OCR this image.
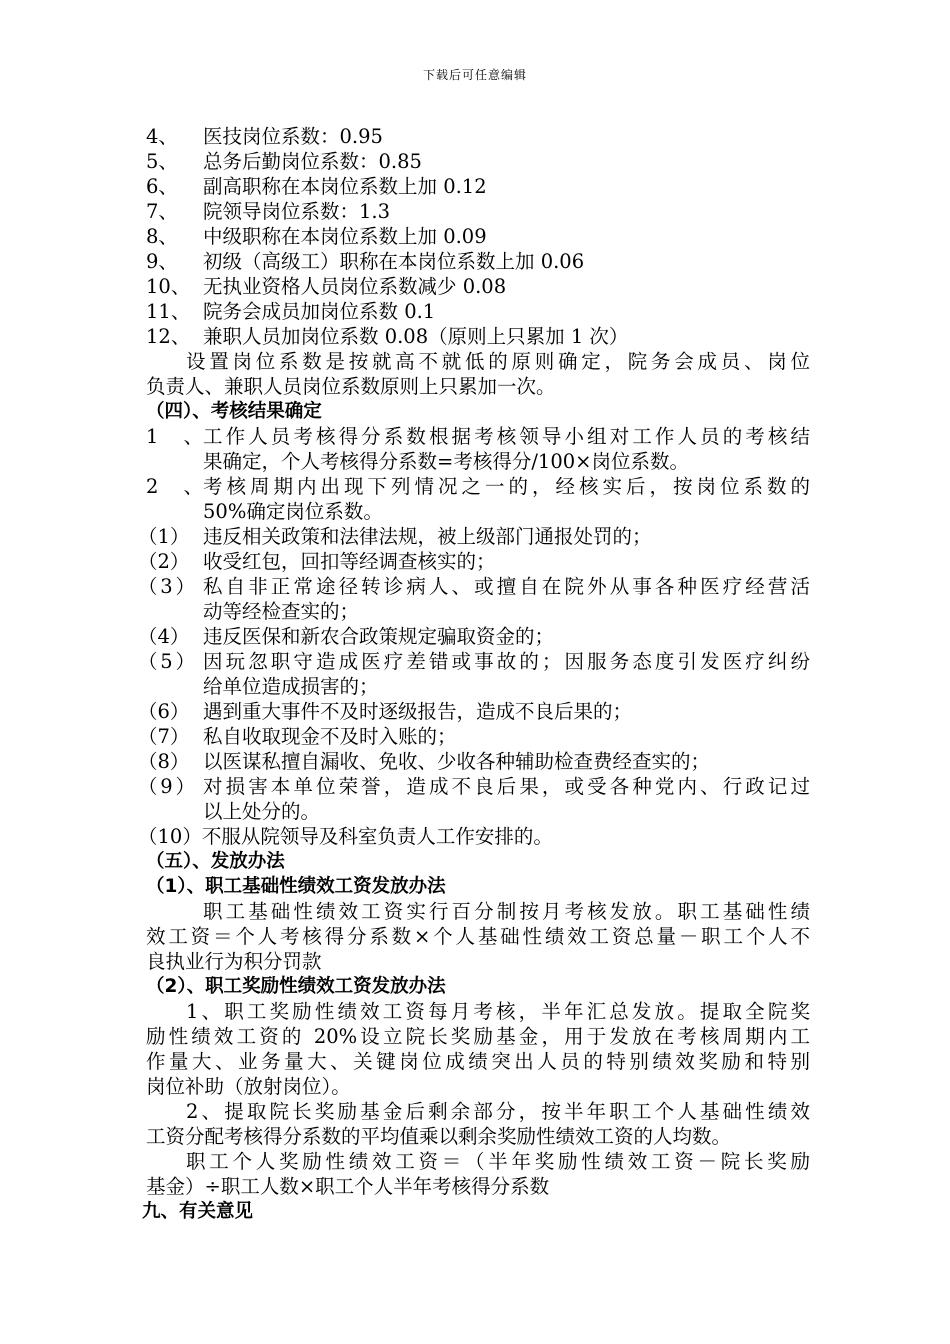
下载后可任意编辑
4、	医技岗位系数：0.95
5、	总务后勤岗位系数：0.85
6、	副高职称在本岗位系数上加 0.12
7、	院领导岗位系数：1.3
8、	中级职称在本岗位系数上加 0.09
9、	初级（高级工）职称在本岗位系数上加 0.06
10、 无执业资格人员岗位系数减少 0.08
11、 院务会成员加岗位系数 0.1
12、 兼职人员加岗位系数 0.08（原则上只累加 1 次）
设置岗位系数是按就高不就低的原则确定，院务会成员、岗位
负责人、兼职人员岗位系数原则上只累加一次。
（四）、考核结果确定
1、 工作人员考核得分系数根据考核领导小组对工作人员的考核结
果确定，个人考核得分系数=考核得分/100×岗位系数。
2、 考核周期内出现下列情况之一的，经核实后，按岗位系数的
50%确定岗位系数。
（1） 违反相关政策和法律法规，被上级部门通报处罚的；
（2） 收受红包，回扣等经调查核实的；
（3） 私自非正常途径转诊病人、或擅自在院外从事各种医疗经营活
动等经检查实的；
（4） 违反医保和新农合政策规定骗取资金的；
（5） 因玩忽职守造成医疗差错或事故的；因服务态度引发医疗纠纷
给单位造成损害的；
（6） 遇到重大事件不及时逐级报告，造成不良后果的；
（7） 私自收取现金不及时入账的；
（8） 以医谋私擅自漏收、免收、少收各种辅助检查费经查实的；
（9） 对损害本单位荣誉，造成不良后果，或受各种党内、行政记过
以上处分的。
（10）不服从院领导及科室负责人工作安排的。
（五）、发放办法
（1）、职工基础性绩效工资发放办法
职工基础性绩效工资实行百分制按月考核发放。职工基础性绩
效工资＝个人考核得分系数×个人基础性绩效工资总量－职工个人不
良执业行为积分罚款
（2）、职工奖励性绩效工资发放办法
1、职工奖励性绩效工资每月考核，半年汇总发放。提取全院奖
励性绩效工资的 20%设立院长奖励基金，用于发放在考核周期内工
作量大、业务量大、关键岗位成绩突出人员的特别绩效奖励和特别
岗位补助（放射岗位）。
2、提取院长奖励基金后剩余部分，按半年职工个人基础性绩效
工资分配考核得分系数的平均值乘以剩余奖励性绩效工资的人均数。
职工个人奖励性绩效工资＝（半年奖励性绩效工资－院长奖励
基金）÷职工人数×职工个人半年考核得分系数
九、有关意见
